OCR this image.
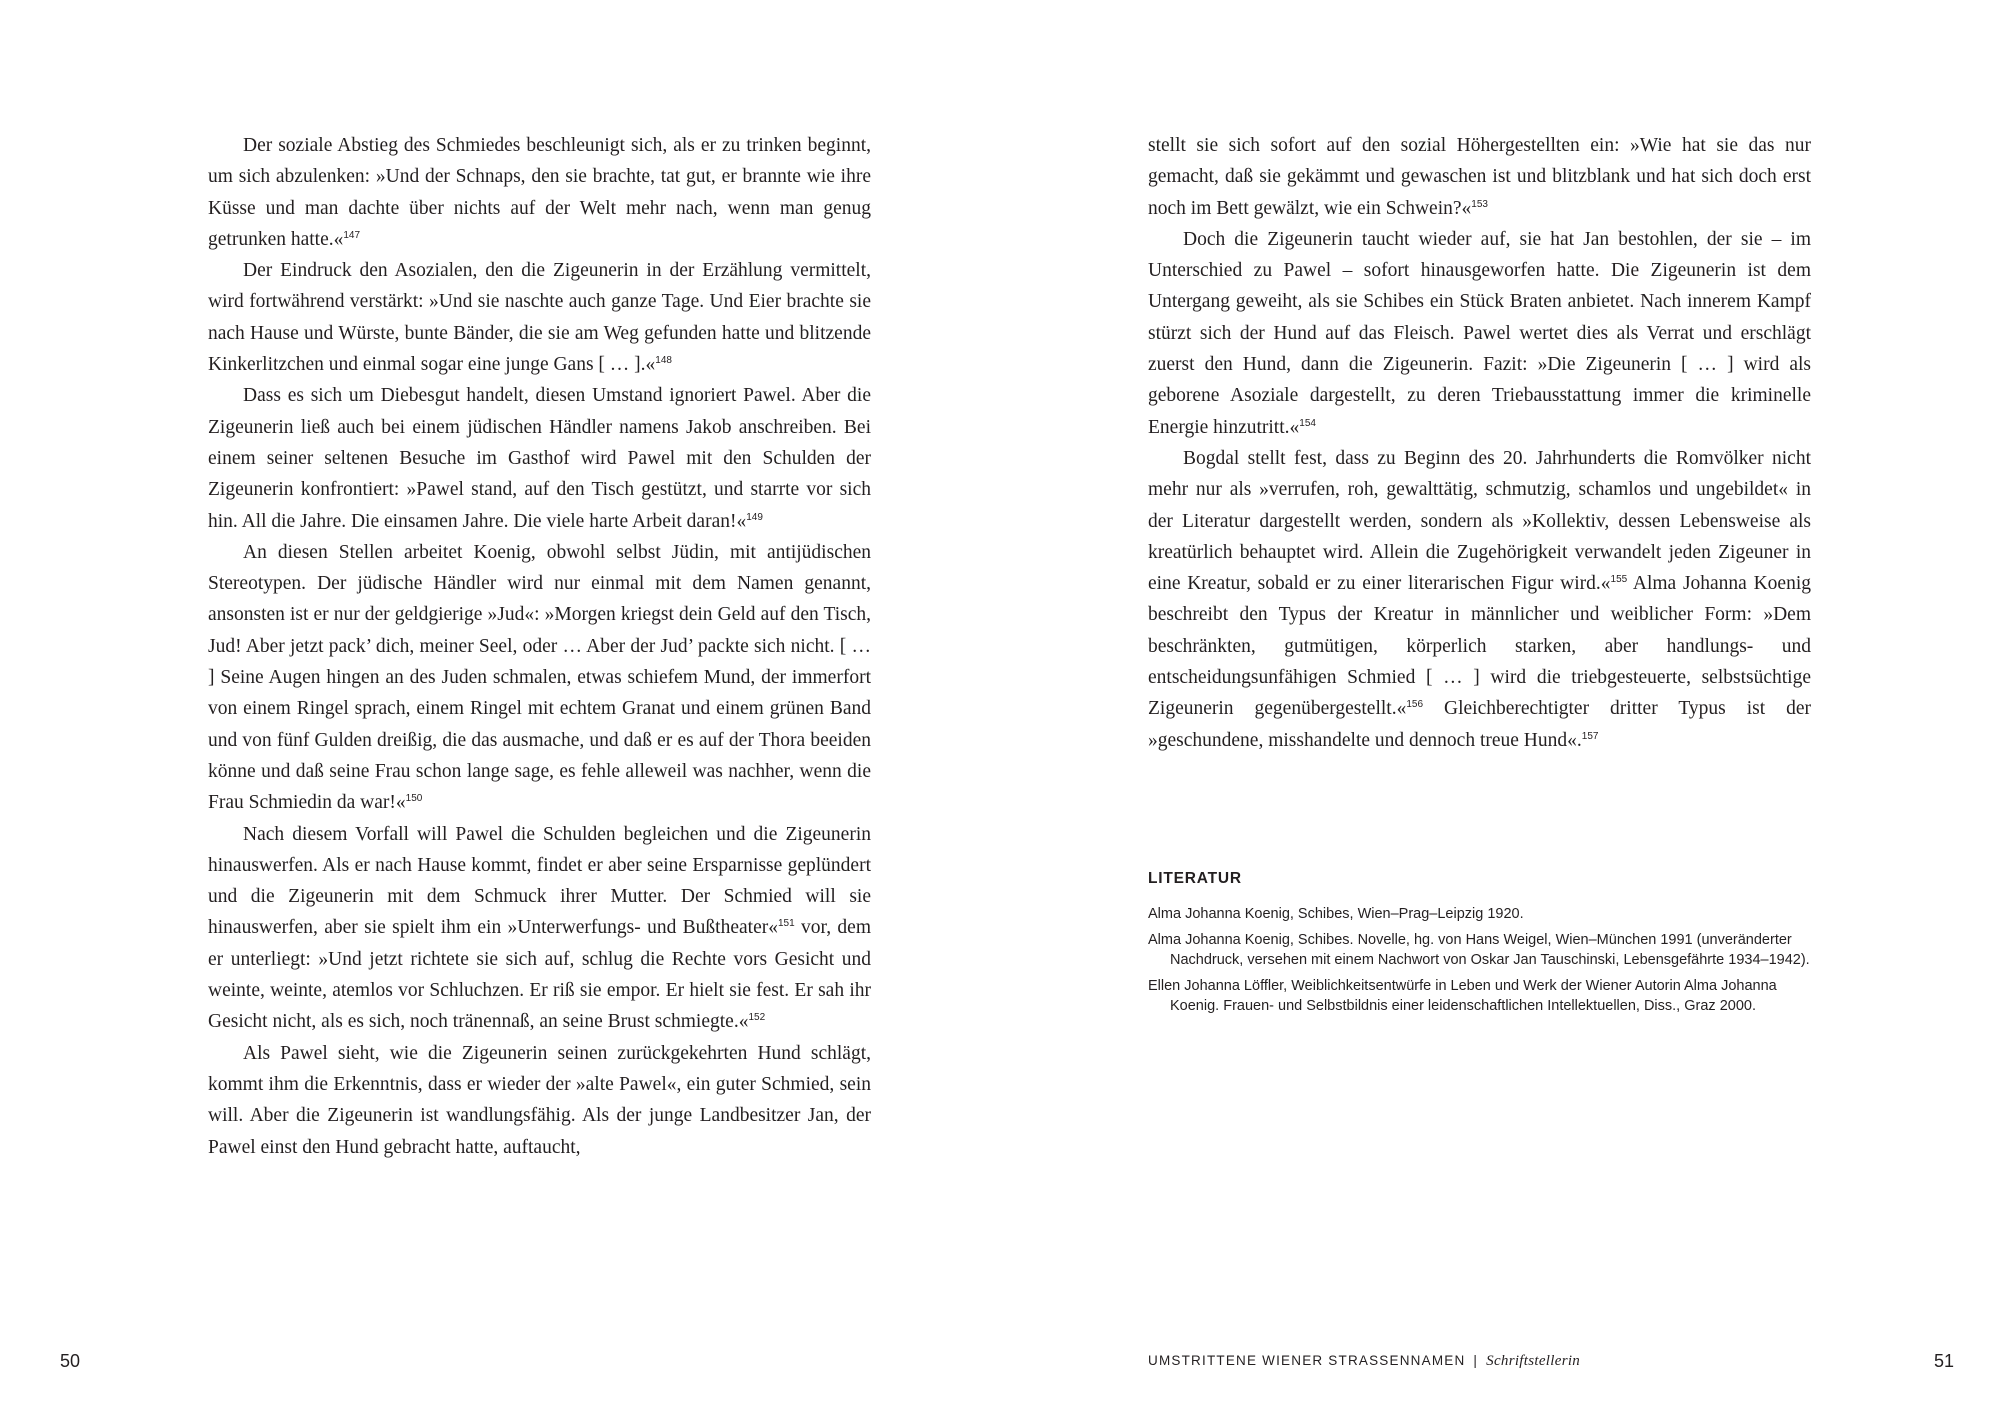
Der soziale Abstieg des Schmiedes beschleunigt sich, als er zu trinken beginnt, um sich abzulenken: »Und der Schnaps, den sie brachte, tat gut, er brannte wie ihre Küsse und man dachte über nichts auf der Welt mehr nach, wenn man genug getrunken hatte.«$^{147}$

Der Eindruck den Asozialen, den die Zigeunerin in der Erzählung vermittelt, wird fortwährend verstärkt: »Und sie naschte auch ganze Tage. Und Eier brachte sie nach Hause und Würste, bunte Bänder, die sie am Weg gefunden hatte und blitzende Kinkerlitzchen und einmal sogar eine junge Gans [ … ].«$^{148}$

Dass es sich um Diebesgut handelt, diesen Umstand ignoriert Pawel. Aber die Zigeunerin ließ auch bei einem jüdischen Händler namens Jakob anschreiben. Bei einem seiner seltenen Besuche im Gasthof wird Pawel mit den Schulden der Zigeunerin konfrontiert: »Pawel stand, auf den Tisch gestützt, und starrte vor sich hin. All die Jahre. Die einsamen Jahre. Die viele harte Arbeit daran!«$^{149}$

An diesen Stellen arbeitet Koenig, obwohl selbst Jüdin, mit antijüdischen Stereotypen. Der jüdische Händler wird nur einmal mit dem Namen genannt, ansonsten ist er nur der geldgierige »Jud«: »Morgen kriegst dein Geld auf den Tisch, Jud! Aber jetzt pack’ dich, meiner Seel, oder … Aber der Jud’ packte sich nicht. [ … ] Seine Augen hingen an des Juden schmalen, etwas schiefem Mund, der immerfort von einem Ringel sprach, einem Ringel mit echtem Granat und einem grünen Band und von fünf Gulden dreißig, die das ausmache, und daß er es auf der Thora beeiden könne und daß seine Frau schon lange sage, es fehle alleweil was nachher, wenn die Frau Schmiedin da war!«$^{150}$

Nach diesem Vorfall will Pawel die Schulden begleichen und die Zigeunerin hinauswerfen. Als er nach Hause kommt, findet er aber seine Ersparnisse geplündert und die Zigeunerin mit dem Schmuck ihrer Mutter. Der Schmied will sie hinauswerfen, aber sie spielt ihm ein »Unterwerfungs- und Bußtheater«$^{151}$ vor, dem er unterliegt: »Und jetzt richtete sie sich auf, schlug die Rechte vors Gesicht und weinte, weinte, atemlos vor Schluchzen. Er riß sie empor. Er hielt sie fest. Er sah ihr Gesicht nicht, als es sich, noch tränennaß, an seine Brust schmiegte.«$^{152}$

Als Pawel sieht, wie die Zigeunerin seinen zurückgekehrten Hund schlägt, kommt ihm die Erkenntnis, dass er wieder der »alte Pawel«, ein guter Schmied, sein will. Aber die Zigeunerin ist wandlungsfähig. Als der junge Landbesitzer Jan, der Pawel einst den Hund gebracht hatte, auftaucht,

50

stellt sie sich sofort auf den sozial Höhergestellten ein: »Wie hat sie das nur gemacht, daß sie gekämmt und gewaschen ist und blitzblank und hat sich doch erst noch im Bett gewälzt, wie ein Schwein?«$^{153}$

Doch die Zigeunerin taucht wieder auf, sie hat Jan bestohlen, der sie – im Unterschied zu Pawel – sofort hinausgeworfen hatte. Die Zigeunerin ist dem Untergang geweiht, als sie Schibes ein Stück Braten anbietet. Nach innerem Kampf stürzt sich der Hund auf das Fleisch. Pawel wertet dies als Verrat und erschlägt zuerst den Hund, dann die Zigeunerin. Fazit: »Die Zigeunerin [ … ] wird als geborene Asoziale dargestellt, zu deren Triebausstattung immer die kriminelle Energie hinzutritt.«$^{154}$

Bogdal stellt fest, dass zu Beginn des 20. Jahrhunderts die Romvölker nicht mehr nur als »verrufen, roh, gewalttätig, schmutzig, schamlos und ungebildet« in der Literatur dargestellt werden, sondern als »Kollektiv, dessen Lebensweise als kreatürlich behauptet wird. Allein die Zugehörigkeit verwandelt jeden Zigeuner in eine Kreatur, sobald er zu einer literarischen Figur wird.«$^{155}$ Alma Johanna Koenig beschreibt den Typus der Kreatur in männlicher und weiblicher Form: »Dem beschränkten, gutmütigen, körperlich starken, aber handlungs- und entscheidungsunfähigen Schmied [ … ] wird die triebgesteuerte, selbstsüchtige Zigeunerin gegenübergestellt.«$^{156}$ Gleichberechtigter dritter Typus ist der »geschundene, misshandelte und dennoch treue Hund«.$^{157}$

LITERATUR

Alma Johanna Koenig, Schibes, Wien–Prag–Leipzig 1920.

Alma Johanna Koenig, Schibes. Novelle, hg. von Hans Weigel, Wien–München 1991 (unveränderter Nachdruck, versehen mit einem Nachwort von Oskar Jan Tauschinski, Lebensgefährte 1934–1942).

Ellen Johanna Löffler, Weiblichkeitsentwürfe in Leben und Werk der Wiener Autorin Alma Johanna Koenig. Frauen- und Selbstbildnis einer leidenschaftlichen Intellektuellen, Diss., Graz 2000.

UMSTRITTENE WIENER STRASSENNAMEN | Schriftstellerin	51
